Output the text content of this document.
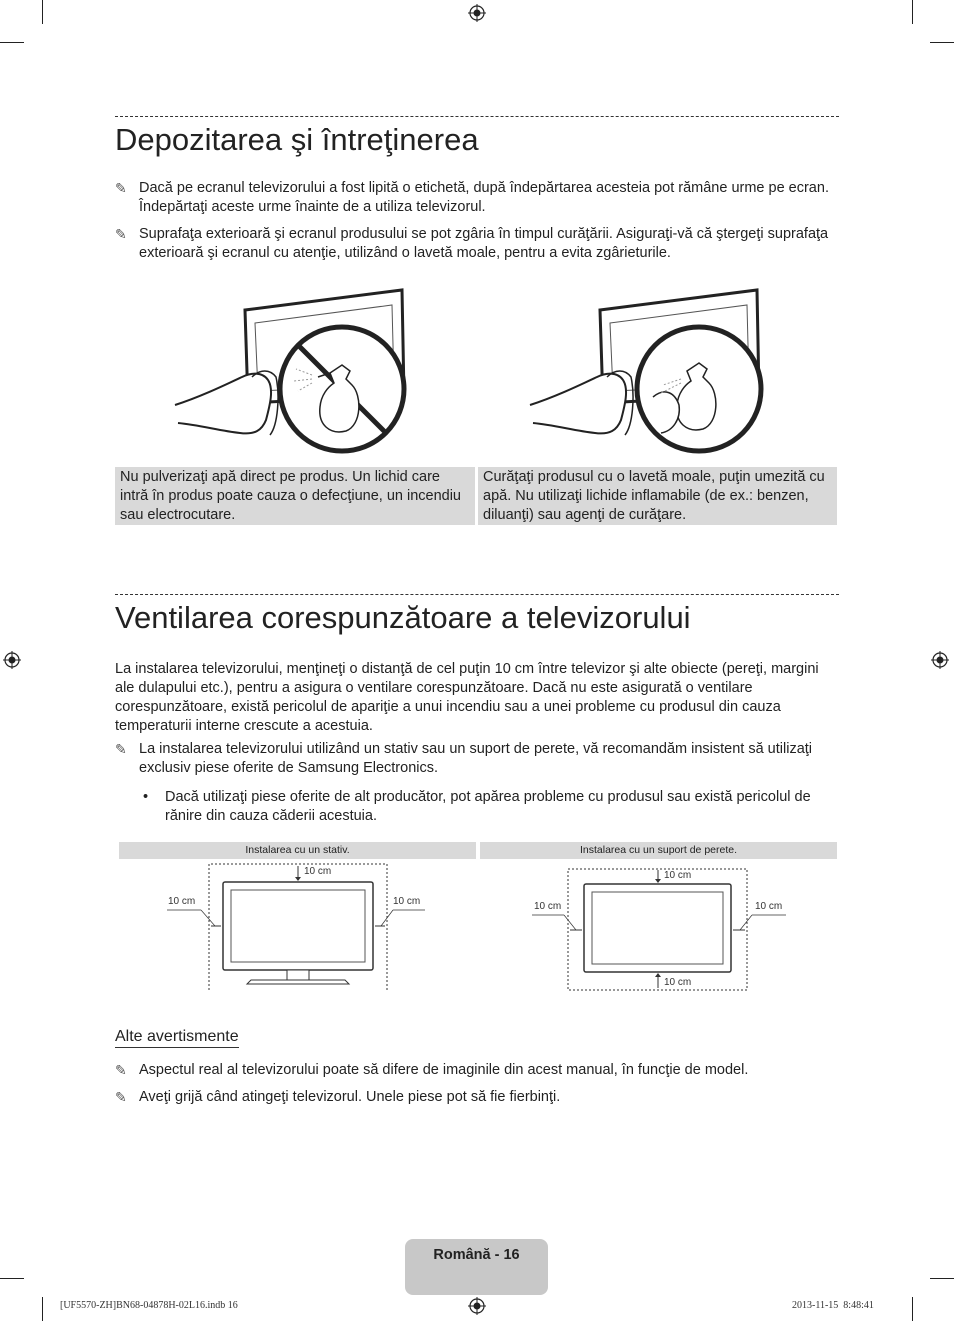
Depozitarea şi întreţinerea
✎ Dacă pe ecranul televizorului a fost lipită o etichetă, după îndepărtarea acesteia pot rămâne urme pe ecran. Îndepărtaţi aceste urme înainte de a utiliza televizorul.
✎ Suprafaţa exterioară şi ecranul produsului se pot zgâria în timpul curăţării. Asiguraţi-vă că ştergeţi suprafaţa exterioară şi ecranul cu atenţie, utilizând o lavetă moale, pentru a evita zgârieturile.
Nu pulverizaţi apă direct pe produs. Un lichid care intră în produs poate cauza o defecţiune, un incendiu sau electrocutare.
Curăţaţi produsul cu o lavetă moale, puţin umezită cu apă. Nu utilizaţi lichide inflamabile (de ex.: benzen, diluanţi) sau agenţi de curăţare.
Ventilarea corespunzătoare a televizorului
La instalarea televizorului, menţineţi o distanţă de cel puţin 10 cm între televizor şi alte obiecte (pereţi, margini ale dulapului etc.), pentru a asigura o ventilare corespunzătoare. Dacă nu este asigurată o ventilare corespunzătoare, există pericolul de apariţie a unui incendiu sau a unei probleme cu produsul din cauza temperaturii interne crescute a acestuia.
✎ La instalarea televizorului utilizând un stativ sau un suport de perete, vă recomandăm insistent să utilizaţi exclusiv piese oferite de Samsung Electronics.
• Dacă utilizaţi piese oferite de alt producător, pot apărea probleme cu produsul sau există pericolul de rănire din cauza căderii acestuia.
Instalarea cu un stativ.	Instalarea cu un suport de perete.
10 cm
10 cm	10 cm
10 cm
10 cm	10 cm
10 cm
Alte avertismente
✎ Aspectul real al televizorului poate să difere de imaginile din acest manual, în funcţie de model.
✎ Aveţi grijă când atingeţi televizorul. Unele piese pot să fie fierbinţi.
Română - 16
[UF5570-ZH]BN68-04878H-02L16.indb 16	2013-11-15 ︎ 8:48:41
